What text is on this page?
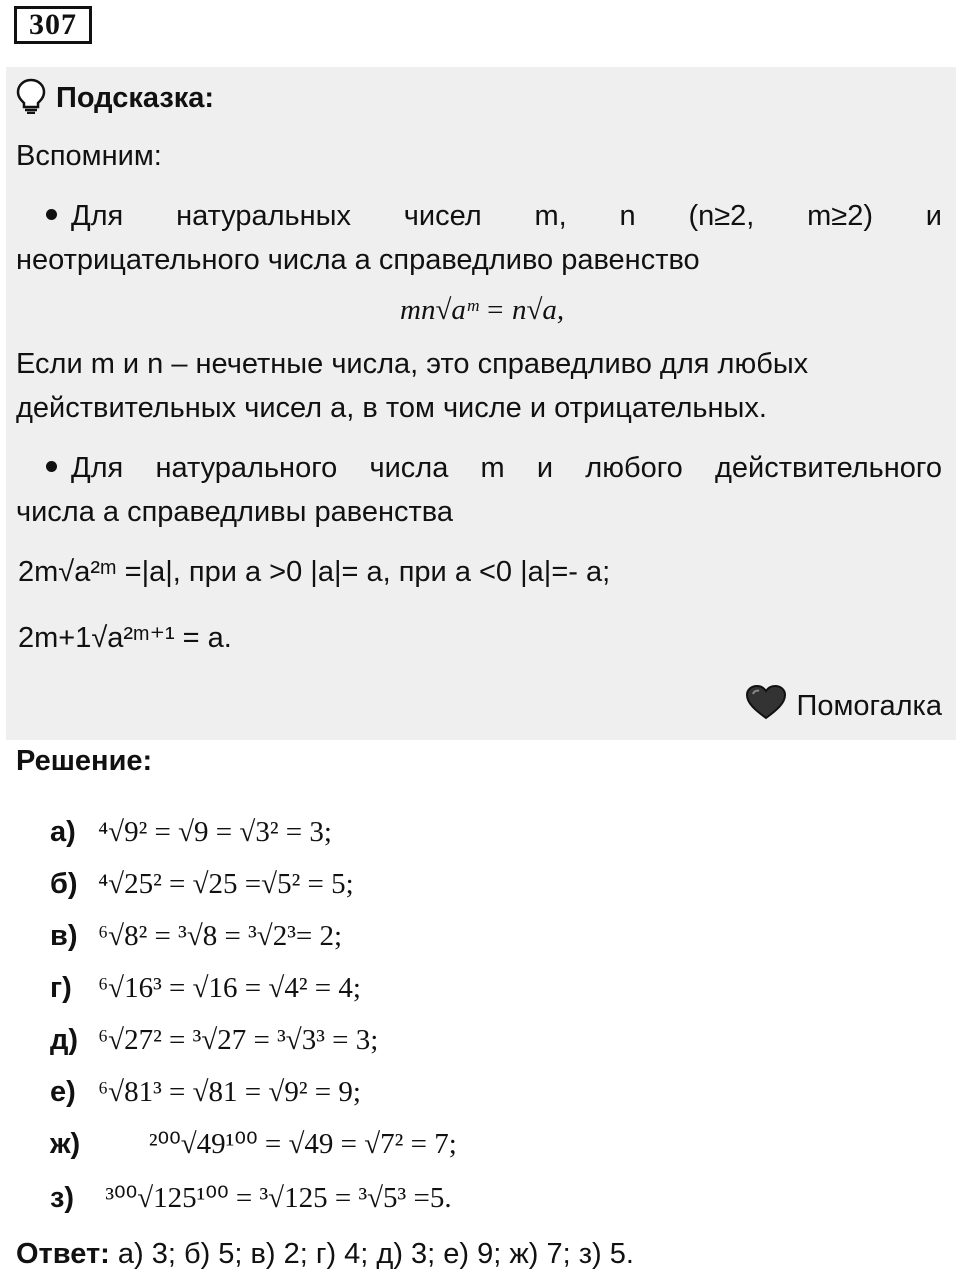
307
Подсказка:
Вспомним:
Для натуральных чисел m, n (n≥2, m≥2) и
неотрицательного числа а справедливо равенство
mn√aᵐ = n√a,
Если m и n – нечетные числа, это справедливо для любых
действительных чисел a, в том числе и отрицательных.
Для натурального числа m и любого действительного
числа а справедливы равенства
2m√a²ᵐ =|a|, при a >0 |a|= a, при a <0 |a|=- a;
2m+1√a²ᵐ⁺¹ = a.
Помогалка
Решение:
а) ⁴√9² = √9 = √3² = 3;
б) ⁴√25² = √25 =√5² = 5;
в) ⁶√8² = ³√8 = ³√2³= 2;
г) ⁶√16³ = √16 = √4² = 4;
д) ⁶√27² = ³√27 = ³√3³ = 3;
е) ⁶√81³ = √81 = √9² = 9;
ж)        ²⁰⁰√49¹⁰⁰ = √49 = √7² = 7;
з)  ³⁰⁰√125¹⁰⁰ = ³√125 = ³√5³ =5.
Ответ: а) 3; б) 5; в) 2; г) 4; д) 3; е) 9; ж) 7; з) 5.
